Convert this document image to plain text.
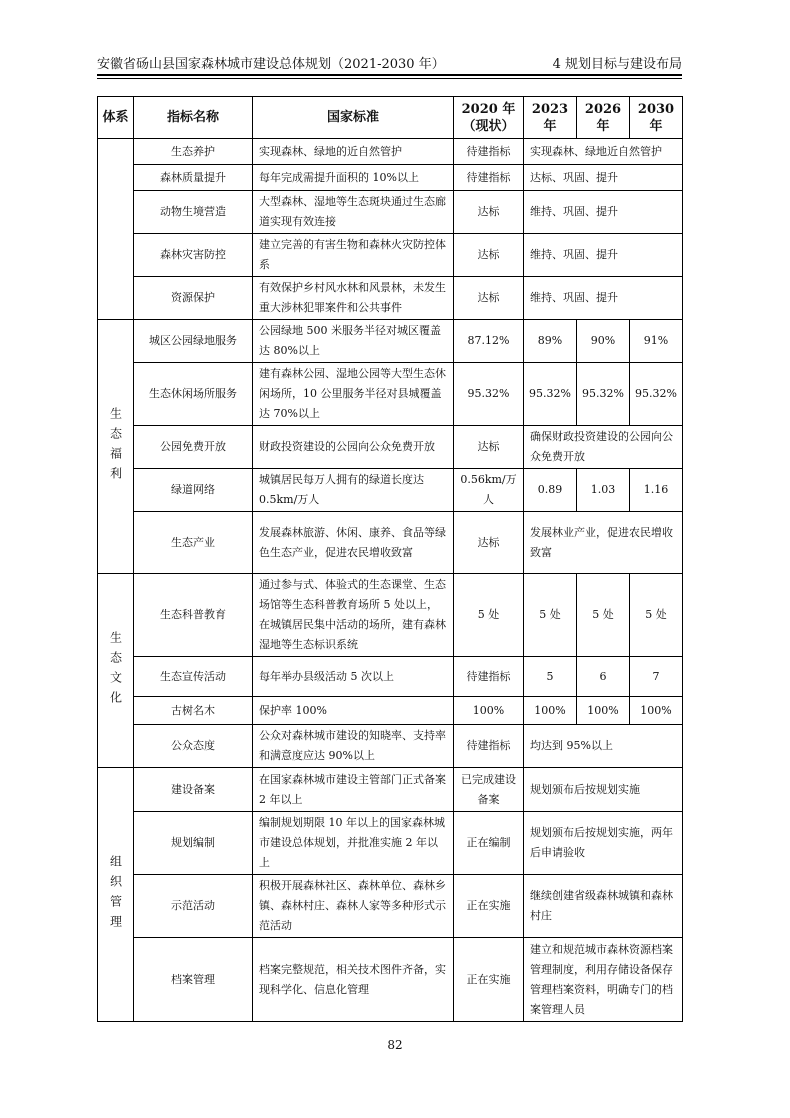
安徽省砀山县国家森林城市建设总体规划（2021-2030 年）	4 规划目标与建设布局
体系	指标名称	国家标准	2020 年（现状）	2023 年	2026 年	2030 年
	生态养护	实现森林、绿地的近自然管护	待建指标	实现森林、绿地近自然管护		
	森林质量提升	每年完成需提升面积的 10%以上	待建指标	达标、巩固、提升		
	动物生境营造	大型森林、湿地等生态斑块通过生态廊道实现有效连接	达标	维持、巩固、提升		
	森林灾害防控	建立完善的有害生物和森林火灾防控体系	达标	维持、巩固、提升		
	资源保护	有效保护乡村风水林和风景林，未发生重大涉林犯罪案件和公共事件	达标	维持、巩固、提升		
生态福利	城区公园绿地服务	公园绿地 500 米服务半径对城区覆盖达 80%以上	87.12%	89%	90%	91%
	生态休闲场所服务	建有森林公园、湿地公园等大型生态休闲场所，10 公里服务半径对县城覆盖达 70%以上	95.32%	95.32%	95.32%	95.32%
	公园免费开放	财政投资建设的公园向公众免费开放	达标	确保财政投资建设的公园向公众免费开放		
	绿道网络	城镇居民每万人拥有的绿道长度达 0.5km/万人	0.56km/万人	0.89	1.03	1.16
	生态产业	发展森林旅游、休闲、康养、食品等绿色生态产业，促进农民增收致富	达标	发展林业产业，促进农民增收致富		
生态文化	生态科普教育	通过参与式、体验式的生态课堂、生态场馆等生态科普教育场所 5 处以上，在城镇居民集中活动的场所，建有森林湿地等生态标识系统	5 处	5 处	5 处	5 处
	生态宣传活动	每年举办县级活动 5 次以上	待建指标	5	6	7
	古树名木	保护率 100%	100%	100%	100%	100%
	公众态度	公众对森林城市建设的知晓率、支持率和满意度应达 90%以上	待建指标	均达到 95%以上		
组织管理	建设备案	在国家森林城市建设主管部门正式备案 2 年以上	已完成建设备案	规划颁布后按规划实施		
	规划编制	编制规划期限 10 年以上的国家森林城市建设总体规划，并批准实施 2 年以上	正在编制	规划颁布后按规划实施，两年后申请验收		
	示范活动	积极开展森林社区、森林单位、森林乡镇、森林村庄、森林人家等多种形式示范活动	正在实施	继续创建省级森林城镇和森林村庄		
	档案管理	档案完整规范，相关技术图件齐备，实现科学化、信息化管理	正在实施	建立和规范城市森林资源档案管理制度，利用存储设备保存管理档案资料，明确专门的档案管理人员		
82
